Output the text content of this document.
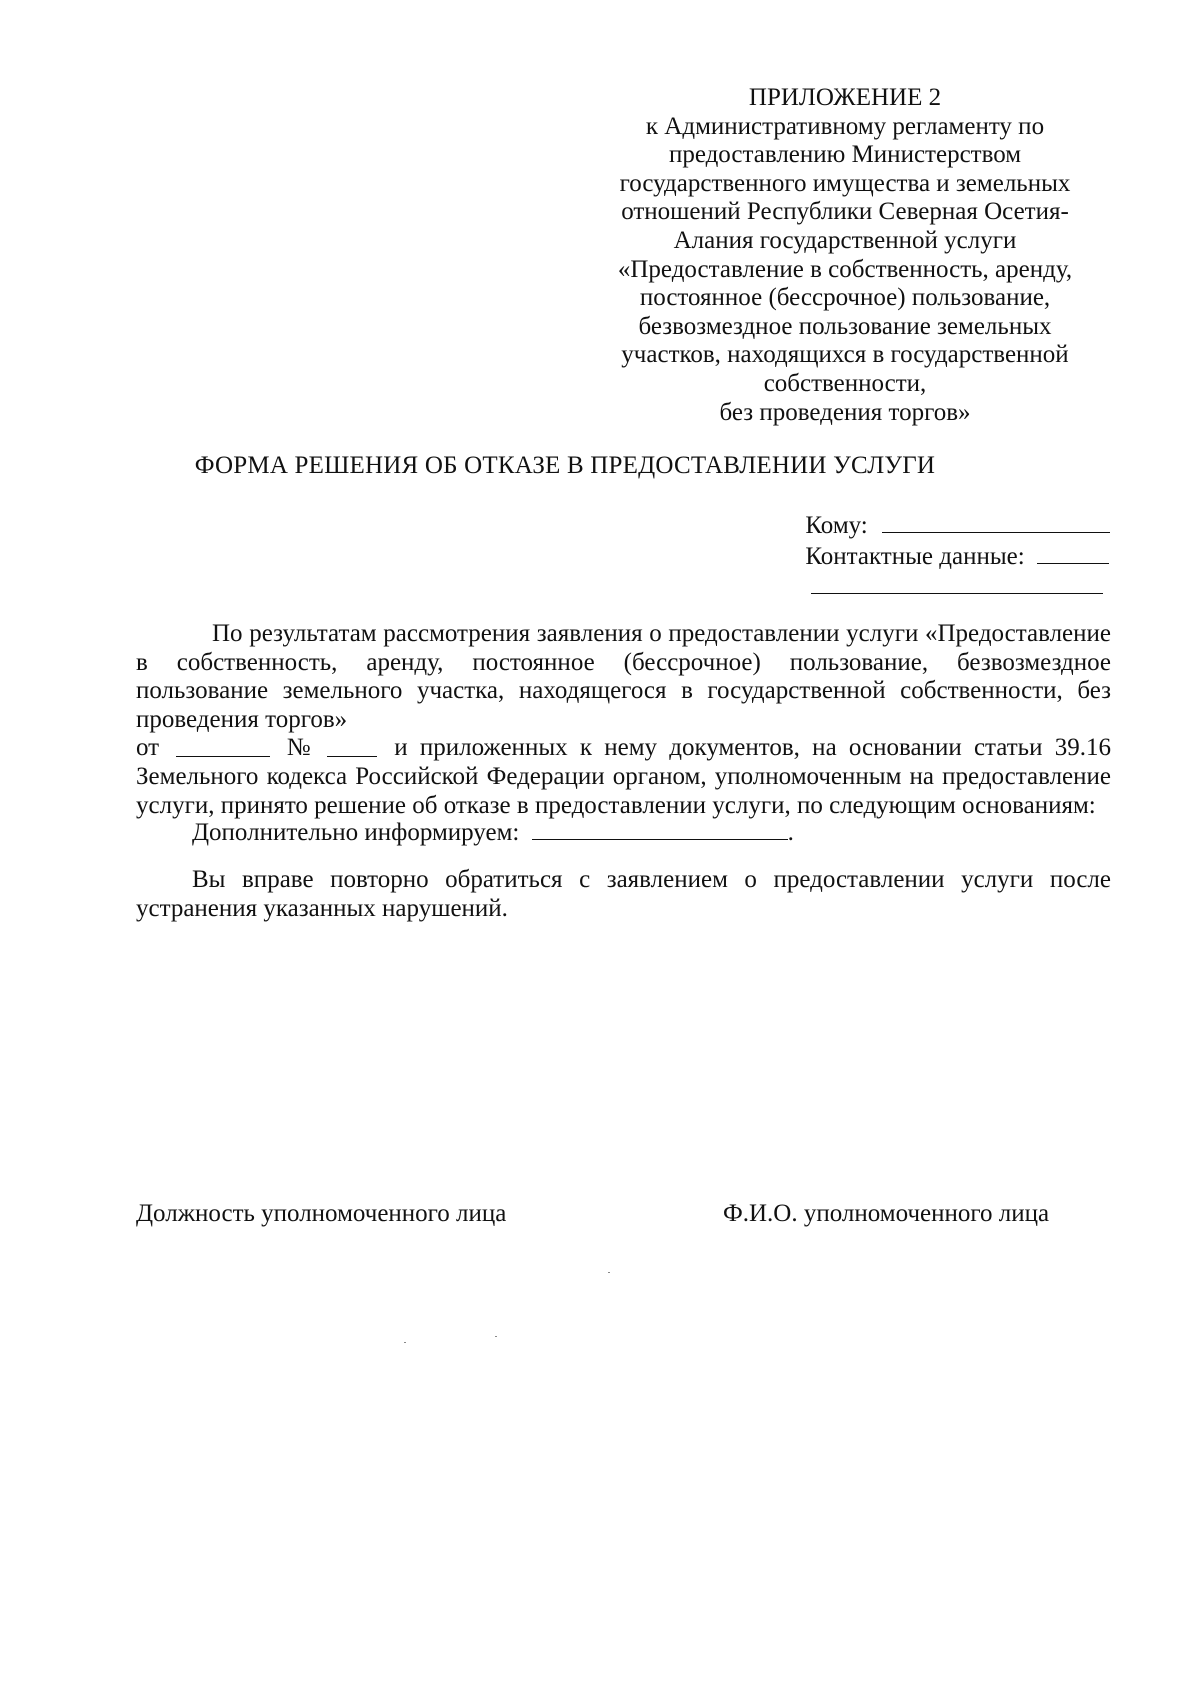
ПРИЛОЖЕНИЕ 2
к Административному регламенту по
предоставлению Министерством
государственного имущества и земельных
отношений Республики Северная Осетия-
Алания государственной услуги
«Предоставление в собственность, аренду,
постоянное (бессрочное) пользование,
безвозмездное пользование земельных
участков, находящихся в государственной
собственности,
без проведения торгов»
ФОРМА РЕШЕНИЯ ОБ ОТКАЗЕ В ПРЕДОСТАВЛЕНИИ УСЛУГИ
Кому:
Контактные данные:
По результатам рассмотрения заявления о предоставлении услуги «Предоставление в собственность, аренду, постоянное (бессрочное) пользование, безвозмездное пользование земельного участка, находящегося в государственной собственности, без проведения торгов»
от	№	и приложенных к нему документов, на основании статьи 39.16
Земельного кодекса Российской Федерации органом, уполномоченным на предоставление
услуги, принято решение об отказе в предоставлении услуги, по следующим основаниям:
Дополнительно информируем:	.
Вы вправе повторно обратиться с заявлением о предоставлении услуги после устранения указанных нарушений.
Должность уполномоченного лица	Ф.И.О. уполномоченного лица
